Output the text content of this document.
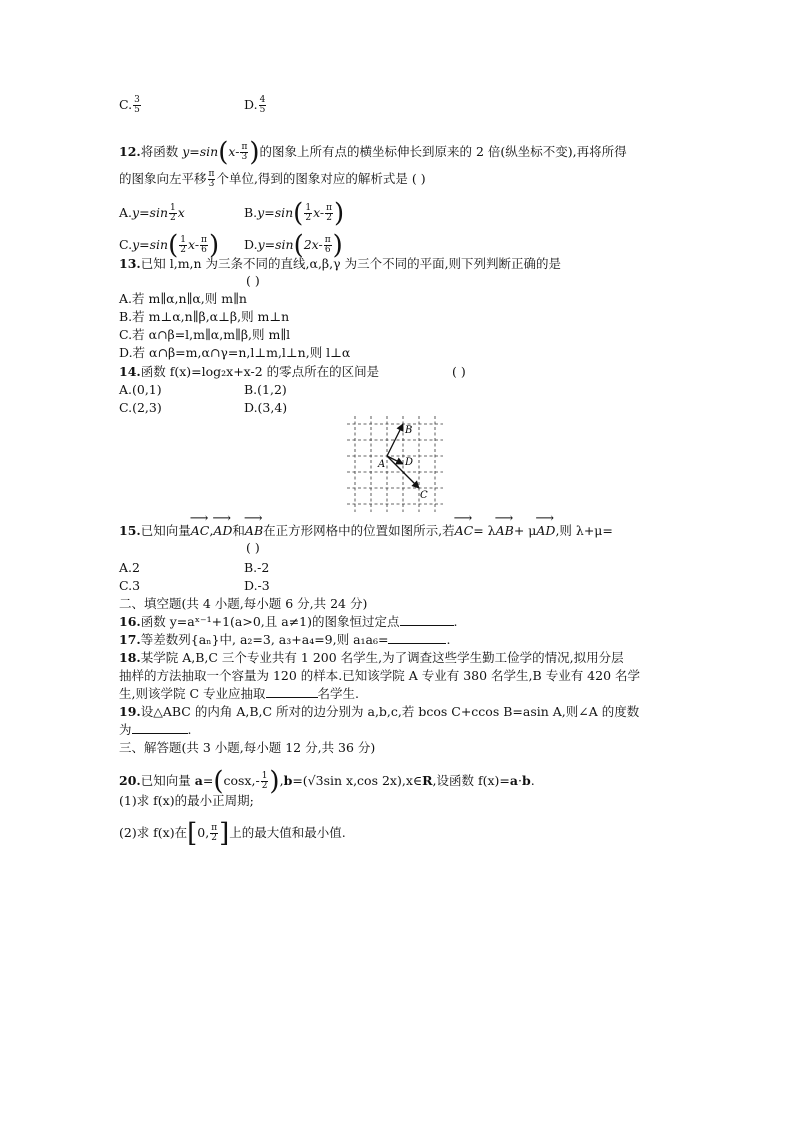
C. $\frac{3}{5}$	D. $\frac{4}{5}$
12.将函数 $y=\sin(x- \frac{\pi}{3}$ )的图象上所有点的横坐标伸长到原来的 2 倍(纵坐标不变),再将所得
的图象向左平移 $\frac{\pi}{3}$ 个单位,得到的图象对应的解析式是 ( )
$A.y=\sin \frac{1}{2}$ x	$B.y=\sin( \frac{1}{2} x- \frac{\pi}{2}$ )
$C.y=\sin( \frac{1}{2} x- \frac{\pi}{6}$ ) $D.y=\sin(2x- \frac{\pi}{6}$ )
13.已知 l,m,n 为三条不同的直线,α,β,γ 为三个不同的平面,则下列判断正确的是
( )
A.若 m∥α,n∥α,则 m∥n
B.若 m⊥α,n∥β,α⊥β,则 m⊥n
C.若 α∩β=l,m∥α,m∥β,则 m∥l
D.若 α∩β=m,α∩γ=n,l⊥m,l⊥n,则 l⊥α
14.函数 f(x)=log₂x+x-2 的零点所在的区间是	( )
A.(0,1)	B.(1,2)
C.(2,3)	D.(3,4)
A
B
D
C
15.已知向量⟶ AC,⟶ AD和⟶ AB在正方形网格中的位置如图所示,若⟶ AC= λ⟶ AB+ μ⟶ AD,则 λ+μ=
( )
A.2	B.-2
C.3	D.-3
二、填空题(共 4 小题,每小题 6 分,共 24 分)
16.函数 y=aˣ⁻¹+1(a>0,且 a≠1)的图象恒过定点	.
17.等差数列{aₙ}中, a₂=3, a₃+a₄=9,则 a₁a₆=	.
18.某学院 A,B,C 三个专业共有 1 200 名学生,为了调查这些学生勤工俭学的情况,拟用分层
抽样的方法抽取一个容量为 120 的样本.已知该学院 A 专业有 380 名学生,B 专业有 420 名学
生,则该学院 C 专业应抽取	名学生.
19.设△ABC 的内角 A,B,C 所对的边分别为 a,b,c,若 bcos C+ccos B=asin A,则∠A 的度数
为	.
三、解答题(共 3 小题,每小题 12 分,共 36 分)
20.已知向量 $a=(\cos x,- \frac{1}{2} ),b=(√3\sin$ x,cos 2x),x∈R,设函数 f(x)=a·b.
(1)求 f(x)的最小正周期;
(2)求 f(x)在[0, $\frac{\pi}{2}$ ]上的最大值和最小值.
